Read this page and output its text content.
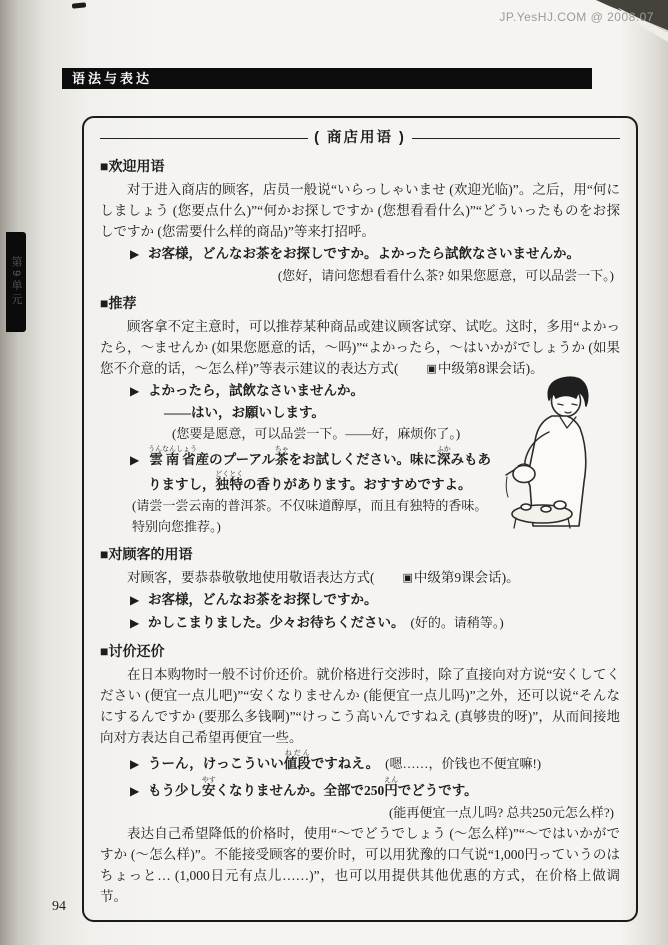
JP.YesHJ.COM @ 2008.07
语法与表达
第9单元
( 商店用语 )
■欢迎用语

对于进入商店的顾客，店员一般说“いらっしゃいませ (欢迎光临)”。之后，用“何にしましょう (您要点什么)”“何かお探しですか (您想看看什么)”“どういったものをお探しですか (您需要什么样的商品)”等来打招呼。

▶ お客様，どんなお茶をお探しですか。よかったら試飲なさいませんか。

(您好，请问您想看看什么茶? 如果您愿意，可以品尝一下。)

■推荐

顾客拿不定主意时，可以推荐某种商品或建议顾客试穿、试吃。这时，多用“よかったら，〜ませんか (如果您愿意的话，〜吗)”“よかったら，〜はいかがでしょうか (如果您不介意的话，〜怎么样)”等表示建议的表达方式(	▣中级第8课会话)。

▶ よかったら，試飲なさいませんか。

——はい，お願いします。

(您要是愿意，可以品尝一下。——好，麻烦你了。)

▶ 雲南省うんなんしょう産のプーアル茶ちゃをお試しください。味に深ふかみもありますし，独特どくとくの香りがあります。おすすめですよ。

(请尝一尝云南的普洱茶。不仅味道醇厚，而且有独特的香味。特别向您推荐。)

■对顾客的用语

对顾客，要恭恭敬敬地使用敬语表达方式(	▣中级第9课会话)。

▶ お客様，どんなお茶をお探しですか。

▶ かしこまりました。少々お待ちください。 (好的。请稍等。)

■讨价还价

在日本购物时一般不讨价还价。就价格进行交涉时，除了直接向对方说“安くしてください (便宜一点儿吧)”“安くなりませんか (能便宜一点儿吗)”之外，还可以说“そんなにするんですか (要那么多钱啊)”“けっこう高いんですねえ (真够贵的呀)”，从而间接地向对方表达自己希望再便宜一些。

▶ うーん，けっこういい値段ねだんですねえ。 (嗯……，价钱也不便宜嘛!)

▶ もう少し安やすくなりませんか。全部で250円えんでどうです。

(能再便宜一点儿吗? 总共250元怎么样?)

表达自己希望降低的价格时，使用“〜でどうでしょう (〜怎么样)”“〜ではいかがですか (〜怎么样)”。不能接受顾客的要价时，可以用犹豫的口气说“1,000円っていうのはちょっと… (1,000日元有点儿……)”，也可以用提供其他优惠的方式，在价格上做调节。

94
